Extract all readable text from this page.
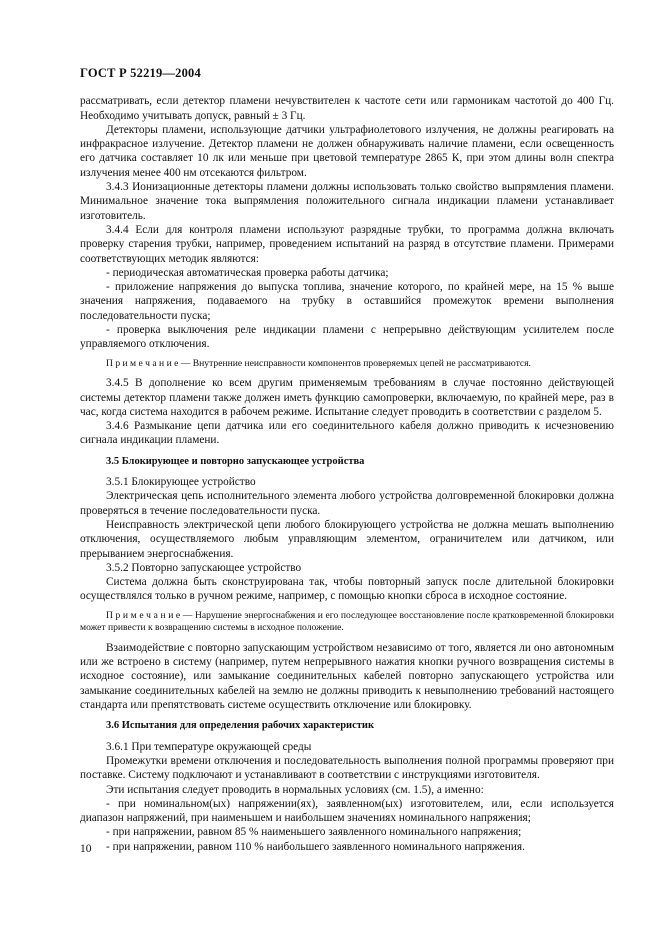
ГОСТ Р 52219—2004

рассматривать, если детектор пламени нечувствителен к частоте сети или гармоникам частотой до 400 Гц. Необходимо учитывать допуск, равный ± 3 Гц.

Детекторы пламени, использующие датчики ультрафиолетового излучения, не должны реагировать на инфракрасное излучение. Детектор пламени не должен обнаруживать наличие пламени, если освещенность его датчика составляет 10 лк или меньше при цветовой температуре 2865 К, при этом длины волн спектра излучения менее 400 нм отсекаются фильтром.

3.4.3 Ионизационные детекторы пламени должны использовать только свойство выпрямления пламени. Минимальное значение тока выпрямления положительного сигнала индикации пламени устанавливает изготовитель.

3.4.4 Если для контроля пламени используют разрядные трубки, то программа должна включать проверку старения трубки, например, проведением испытаний на разряд в отсутствие пламени. Примерами соответствующих методик являются:

- периодическая автоматическая проверка работы датчика;

- приложение напряжения до выпуска топлива, значение которого, по крайней мере, на 15 % выше значения напряжения, подаваемого на трубку в оставшийся промежуток времени выполнения последовательности пуска;

- проверка выключения реле индикации пламени с непрерывно действующим усилителем после управляемого отключения.

П р и м е ч а н и е — Внутренние неисправности компонентов проверяемых цепей не рассматриваются.

3.4.5 В дополнение ко всем другим применяемым требованиям в случае постоянно действующей системы детектор пламени также должен иметь функцию самопроверки, включаемую, по крайней мере, раз в час, когда система находится в рабочем режиме. Испытание следует проводить в соответствии с разделом 5.

3.4.6 Размыкание цепи датчика или его соединительного кабеля должно приводить к исчезновению сигнала индикации пламени.

3.5 Блокирующее и повторно запускающее устройства

3.5.1 Блокирующее устройство

Электрическая цепь исполнительного элемента любого устройства долговременной блокировки должна проверяться в течение последовательности пуска.

Неисправность электрической цепи любого блокирующего устройства не должна мешать выполнению отключения, осуществляемого любым управляющим элементом, ограничителем или датчиком, или прерыванием энергоснабжения.

3.5.2 Повторно запускающее устройство

Система должна быть сконструирована так, чтобы повторный запуск после длительной блокировки осуществлялся только в ручном режиме, например, с помощью кнопки сброса в исходное состояние.

П р и м е ч а н и е — Нарушение энергоснабжения и его последующее восстановление после кратковременной блокировки может привести к возвращению системы в исходное положение.

Взаимодействие с повторно запускающим устройством независимо от того, является ли оно автономным или же встроено в систему (например, путем непрерывного нажатия кнопки ручного возвращения системы в исходное состояние), или замыкание соединительных кабелей повторно запускающего устройства или замыкание соединительных кабелей на землю не должны приводить к невыполнению требований настоящего стандарта или препятствовать системе осуществить отключение или блокировку.

3.6 Испытания для определения рабочих характеристик

3.6.1 При температуре окружающей среды

Промежутки времени отключения и последовательность выполнения полной программы проверяют при поставке. Систему подключают и устанавливают в соответствии с инструкциями изготовителя.

Эти испытания следует проводить в нормальных условиях (см. 1.5), а именно:

- при номинальном(ых) напряжении(ях), заявленном(ых) изготовителем, или, если используется диапазон напряжений, при наименьшем и наибольшем значениях номинального напряжения;

- при напряжении, равном 85 % наименьшего заявленного номинального напряжения;

- при напряжении, равном 110 % наибольшего заявленного номинального напряжения.

10
